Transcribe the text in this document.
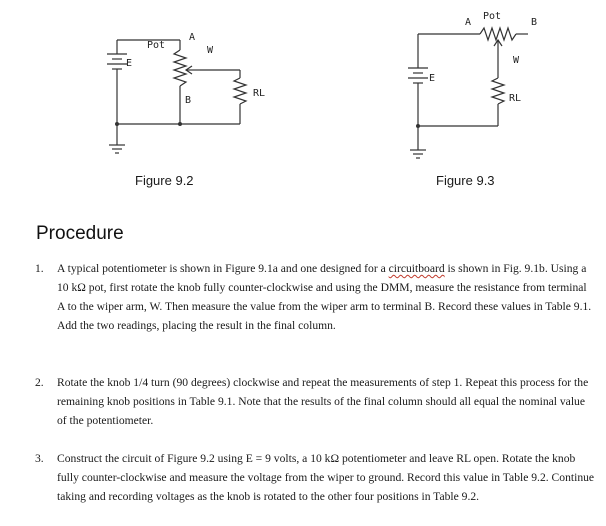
Pot
A
W
B
E
RL
Pot
A	B
W
E
RL
Figure 9.2	Figure 9.3
Procedure
1.	A typical potentiometer is shown in Figure 9.1a and one designed for a circuitboard is shown in Fig. 9.1b. Using a 10 kΩ pot, first rotate the knob fully counter-clockwise and using the DMM, measure the resistance from terminal A to the wiper arm, W. Then measure the value from the wiper arm to terminal B. Record these values in Table 9.1. Add the two readings, placing the result in the final column.
2.	Rotate the knob 1/4 turn (90 degrees) clockwise and repeat the measurements of step 1. Repeat this process for the remaining knob positions in Table 9.1. Note that the results of the final column should all equal the nominal value of the potentiometer.
3.	Construct the circuit of Figure 9.2 using E = 9 volts, a 10 kΩ potentiometer and leave RL open. Rotate the knob fully counter-clockwise and measure the voltage from the wiper to ground. Record this value in Table 9.2. Continue taking and recording voltages as the knob is rotated to the other four positions in Table 9.2.
